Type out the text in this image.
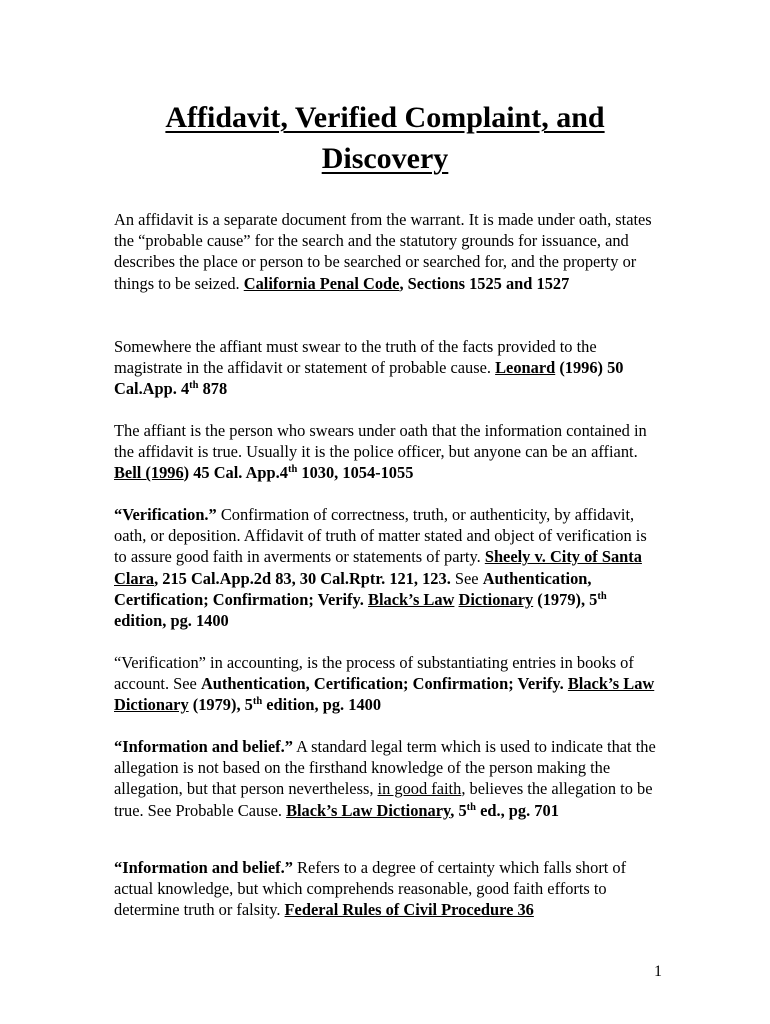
Affidavit, Verified Complaint, and
Discovery

An affidavit is a separate document from the warrant. It is made under oath, states the “probable cause” for the search and the statutory grounds for issuance, and describes the place or person to be searched or searched for, and the property or things to be seized. California Penal Code, Sections 1525 and 1527

Somewhere the affiant must swear to the truth of the facts provided to the magistrate in the affidavit or statement of probable cause. Leonard (1996) 50 Cal.App. 4th 878

The affiant is the person who swears under oath that the information contained in the affidavit is true. Usually it is the police officer, but anyone can be an affiant. Bell (1996) 45 Cal. App.4th 1030, 1054-1055

“Verification.” Confirmation of correctness, truth, or authenticity, by affidavit, oath, or deposition. Affidavit of truth of matter stated and object of verification is to assure good faith in averments or statements of party. Sheely v. City of Santa Clara, 215 Cal.App.2d 83, 30 Cal.Rptr. 121, 123. See Authentication, Certification; Confirmation; Verify. Black’s Law Dictionary (1979), 5th edition, pg. 1400

“Verification” in accounting, is the process of substantiating entries in books of account. See Authentication, Certification; Confirmation; Verify. Black’s Law Dictionary (1979), 5th edition, pg. 1400

“Information and belief.” A standard legal term which is used to indicate that the allegation is not based on the firsthand knowledge of the person making the allegation, but that person nevertheless, in good faith, believes the allegation to be true. See Probable Cause. Black’s Law Dictionary, 5th ed., pg. 701

“Information and belief.” Refers to a degree of certainty which falls short of actual knowledge, but which comprehends reasonable, good faith efforts to determine truth or falsity. Federal Rules of Civil Procedure 36

1
